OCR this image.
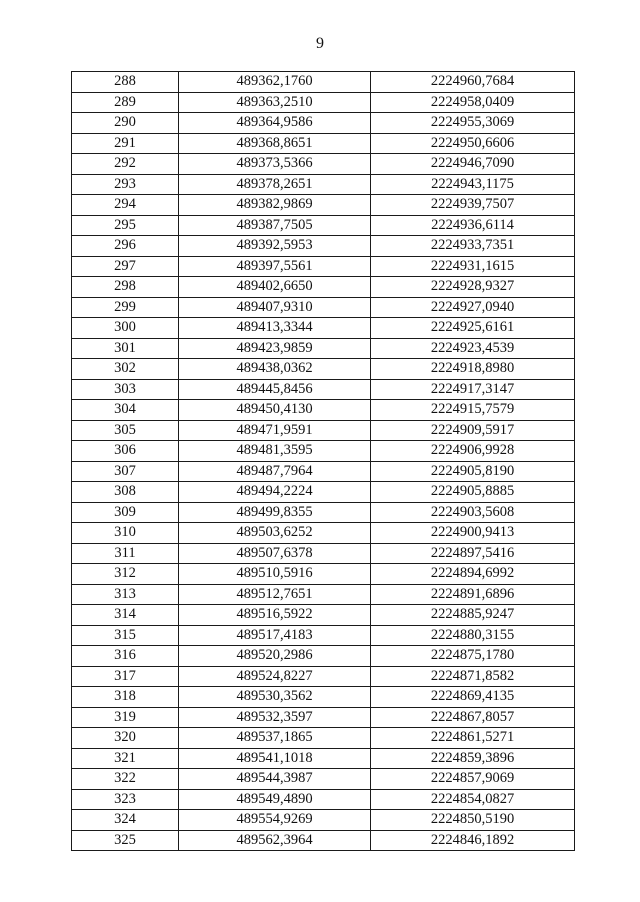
9
288	489362,1760	2224960,7684
289	489363,2510	2224958,0409
290	489364,9586	2224955,3069
291	489368,8651	2224950,6606
292	489373,5366	2224946,7090
293	489378,2651	2224943,1175
294	489382,9869	2224939,7507
295	489387,7505	2224936,6114
296	489392,5953	2224933,7351
297	489397,5561	2224931,1615
298	489402,6650	2224928,9327
299	489407,9310	2224927,0940
300	489413,3344	2224925,6161
301	489423,9859	2224923,4539
302	489438,0362	2224918,8980
303	489445,8456	2224917,3147
304	489450,4130	2224915,7579
305	489471,9591	2224909,5917
306	489481,3595	2224906,9928
307	489487,7964	2224905,8190
308	489494,2224	2224905,8885
309	489499,8355	2224903,5608
310	489503,6252	2224900,9413
311	489507,6378	2224897,5416
312	489510,5916	2224894,6992
313	489512,7651	2224891,6896
314	489516,5922	2224885,9247
315	489517,4183	2224880,3155
316	489520,2986	2224875,1780
317	489524,8227	2224871,8582
318	489530,3562	2224869,4135
319	489532,3597	2224867,8057
320	489537,1865	2224861,5271
321	489541,1018	2224859,3896
322	489544,3987	2224857,9069
323	489549,4890	2224854,0827
324	489554,9269	2224850,5190
325	489562,3964	2224846,1892
